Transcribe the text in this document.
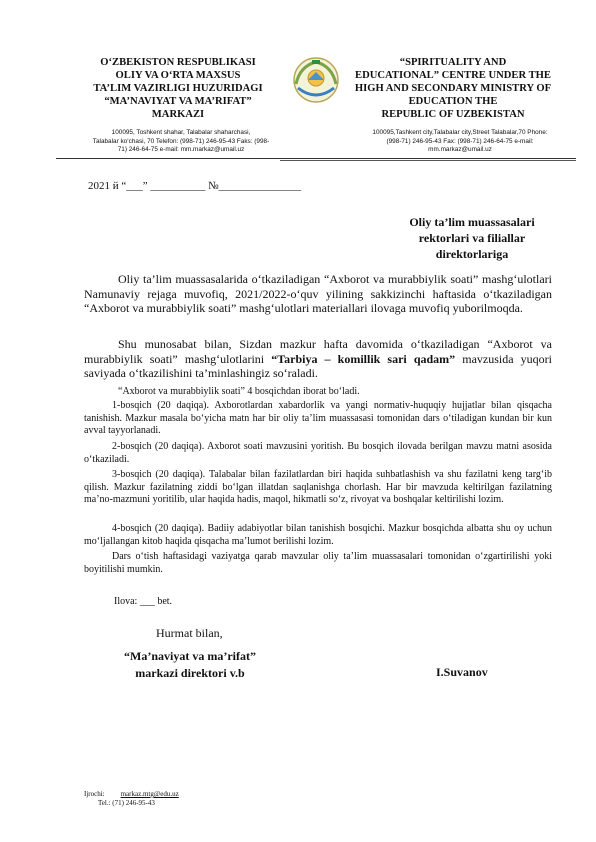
O‘ZBEKISTON RESPUBLIKASI
OLIY VA O‘RTA MAXSUS
TA’LIM VAZIRLIGI HUZURIDAGI
“MA’NAVIYAT VA MA’RIFAT”
MARKAZI
“SPIRITUALITY AND
EDUCATIONAL” CENTRE UNDER THE
HIGH AND SECONDARY MINISTRY OF
EDUCATION THE
REPUBLIC OF UZBEKISTAN
100095, Toshkent shahar, Talabalar shaharchasi,
Talabalar ko‘chasi, 70 Telefon: (998-71) 246-95-43 Faks: (998-
71) 246-64-75 e-mail: mm.markaz@umail.uz
100095,Tashkent city,Talabalar city,Street Talabalar,70 Phone:
(998-71) 246-95-43 Fax: (998-71) 246-64-75 e-mail:
mm.markaz@umail.uz
2021 й “___” __________ №_______________
Oliy ta’lim muassasalari
rektorlari va filiallar
direktorlariga
Oliy ta’lim muassasalarida o‘tkaziladigan “Axborot va murabbiylik soati” mashg‘ulotlari Namunaviy rejaga muvofiq, 2021/2022-o‘quv yilining sakkizinchi haftasida o‘tkaziladigan “Axborot va murabbiylik soati” mashg‘ulotlari materiallari ilovaga muvofiq yuborilmoqda.
Shu munosabat bilan, Sizdan mazkur hafta davomida o‘tkaziladigan “Axborot va murabbiylik soati” mashg‘ulotlarini “Tarbiya – komillik sari qadam” mavzusida yuqori saviyada o‘tkazilishini ta’minlashingiz so‘raladi.
“Axborot va murabbiylik soati” 4 bosqichdan iborat bo‘ladi.
1-bosqich (20 daqiqa). Axborotlardan xabardorlik va yangi normativ-huquqiy hujjatlar bilan qisqacha tanishish. Mazkur masala bo‘yicha matn har bir oliy ta’lim muassasasi tomonidan dars o‘tiladigan kundan bir kun avval tayyorlanadi.
2-bosqich (20 daqiqa). Axborot soati mavzusini yoritish. Bu bosqich ilovada berilgan mavzu matni asosida o‘tkaziladi.
3-bosqich (20 daqiqa). Talabalar bilan fazilatlardan biri haqida suhbatlashish va shu fazilatni keng targ‘ib qilish. Mazkur fazilatning ziddi bo‘lgan illatdan saqlanishga chorlash. Har bir mavzuda keltirilgan fazilatning ma’no-mazmuni yoritilib, ular haqida hadis, maqol, hikmatli so‘z, rivoyat va boshqalar keltirilishi lozim.
4-bosqich (20 daqiqa). Badiiy adabiyotlar bilan tanishish bosqichi. Mazkur bosqichda albatta shu oy uchun mo‘ljallangan kitob haqida qisqacha ma’lumot berilishi lozim.
Dars o‘tish haftasidagi vaziyatga qarab mavzular oliy ta’lim muassasalari tomonidan o‘zgartirilishi yoki boyitilishi mumkin.
Ilova: ___ bet.
Hurmat bilan,
“Ma’naviyat va ma’rifat”
markazi direktori v.b	I.Suvanov
Ijrochi: markaz.mtg@edu.uz
Tel.: (71) 246-95-43
